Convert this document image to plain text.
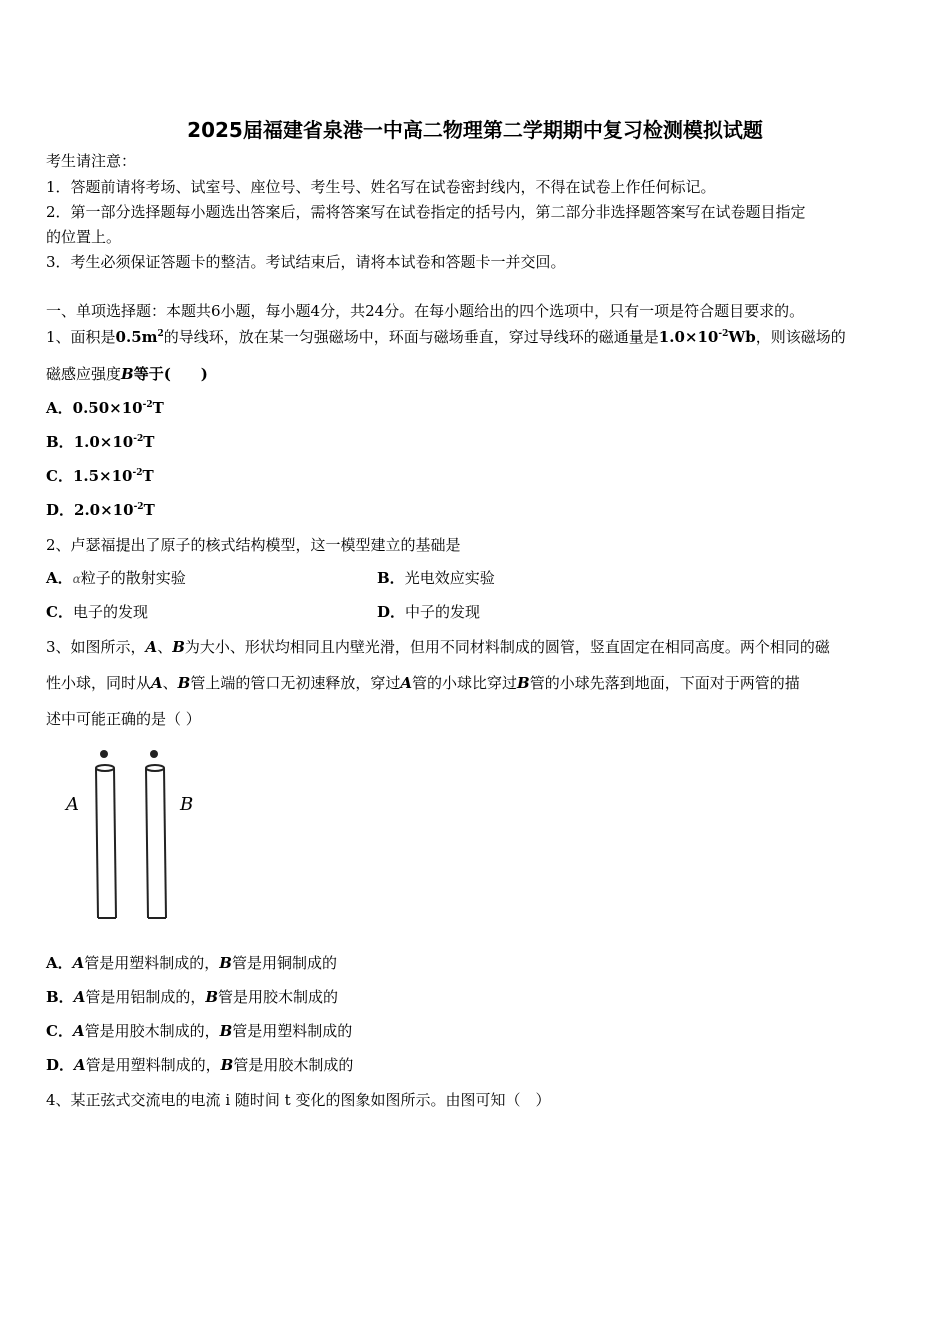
2025届福建省泉港一中高二物理第二学期期中复习检测模拟试题
考生请注意：
1．答题前请将考场、试室号、座位号、考生号、姓名写在试卷密封线内，不得在试卷上作任何标记。
2．第一部分选择题每小题选出答案后，需将答案写在试卷指定的括号内，第二部分非选择题答案写在试卷题目指定
的位置上。
3．考生必须保证答题卡的整洁。考试结束后，请将本试卷和答题卡一并交回。
一、单项选择题：本题共6小题，每小题4分，共24分。在每小题给出的四个选项中，只有一项是符合题目要求的。
1、面积是$0.5m^2$的导线环，放在某一匀强磁场中，环面与磁场垂直，穿过导线环的磁通量是$1.0\times 10^{-2}Wb$，则该磁场的
磁感应强度B等于(　　)
A．$0.50\times 10^{-2}T$
B．$1.0\times 10^{-2}T$
C．$1.5\times 10^{-2}T$
D．$2.0\times 10^{-2}T$
2、卢瑟福提出了原子的核式结构模型，这一模型建立的基础是
A．α粒子的散射实验	B．光电效应实验
C．电子的发现	D．中子的发现
3、如图所示，A、B为大小、形状均相同且内壁光滑，但用不同材料制成的圆管，竖直固定在相同高度。两个相同的磁
性小球，同时从A、B管上端的管口无初速释放，穿过A管的小球比穿过B管的小球先落到地面，下面对于两管的描
述中可能正确的是（ ）
A	B
A．A管是用塑料制成的，B管是用铜制成的
B．A管是用铝制成的，B管是用胶木制成的
C．A管是用胶木制成的，B管是用塑料制成的
D．A管是用塑料制成的，B管是用胶木制成的
4、某正弦式交流电的电流 i 随时间 t 变化的图象如图所示。由图可知（　）
